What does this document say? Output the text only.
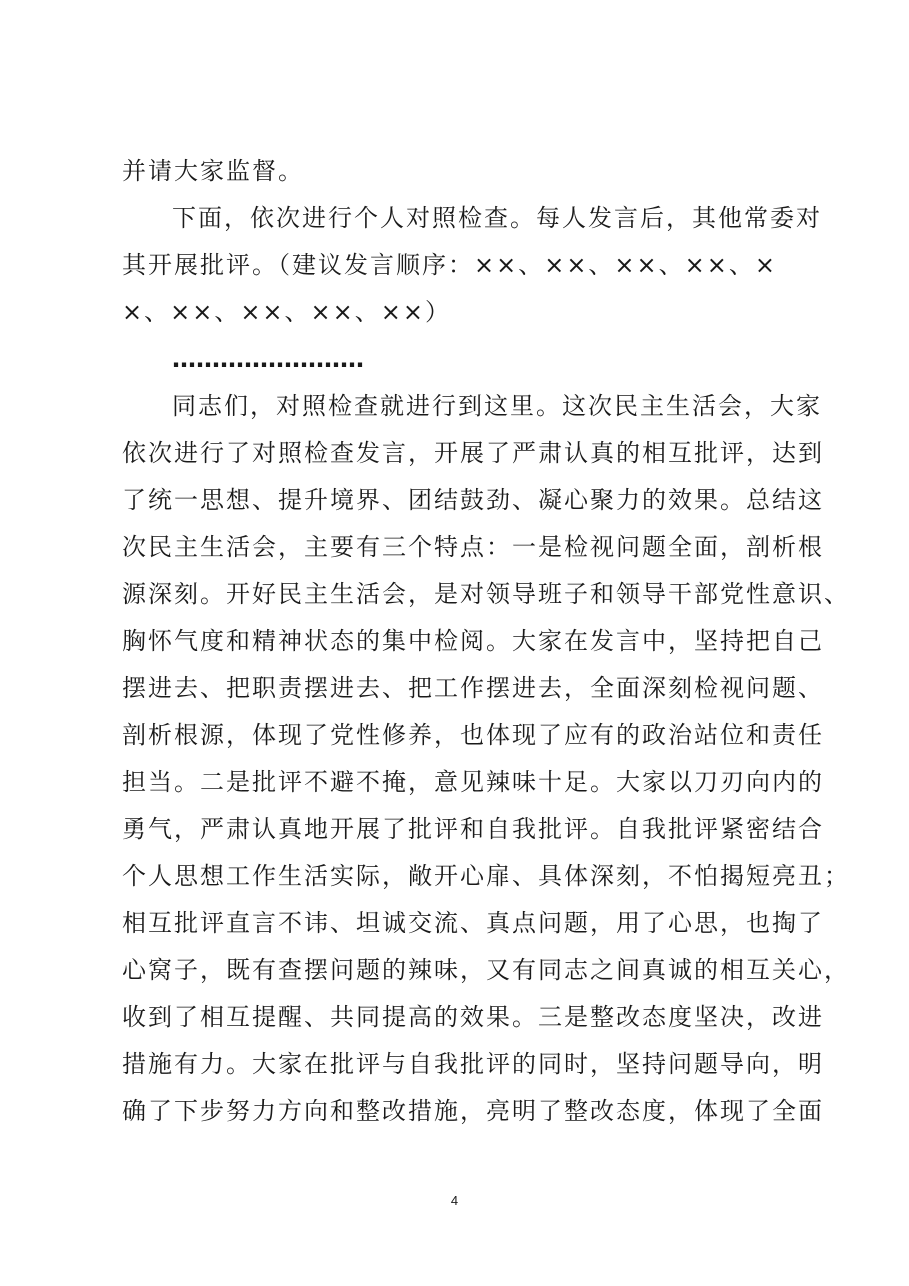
并请大家监督。
下面，依次进行个人对照检查。每人发言后，其他常委对
其开展批评。（建议发言顺序：××、××、××、××、×
×、××、××、××、××）
……………………
同志们，对照检查就进行到这里。这次民主生活会，大家
依次进行了对照检查发言，开展了严肃认真的相互批评，达到
了统一思想、提升境界、团结鼓劲、凝心聚力的效果。总结这
次民主生活会，主要有三个特点：一是检视问题全面，剖析根
源深刻。开好民主生活会，是对领导班子和领导干部党性意识、
胸怀气度和精神状态的集中检阅。大家在发言中，坚持把自己
摆进去、把职责摆进去、把工作摆进去，全面深刻检视问题、
剖析根源，体现了党性修养，也体现了应有的政治站位和责任
担当。二是批评不避不掩，意见辣味十足。大家以刀刃向内的
勇气，严肃认真地开展了批评和自我批评。自我批评紧密结合
个人思想工作生活实际，敞开心扉、具体深刻，不怕揭短亮丑；
相互批评直言不讳、坦诚交流、真点问题，用了心思，也掏了
心窝子，既有查摆问题的辣味，又有同志之间真诚的相互关心，
收到了相互提醒、共同提高的效果。三是整改态度坚决，改进
措施有力。大家在批评与自我批评的同时，坚持问题导向，明
确了下步努力方向和整改措施，亮明了整改态度，体现了全面
4
